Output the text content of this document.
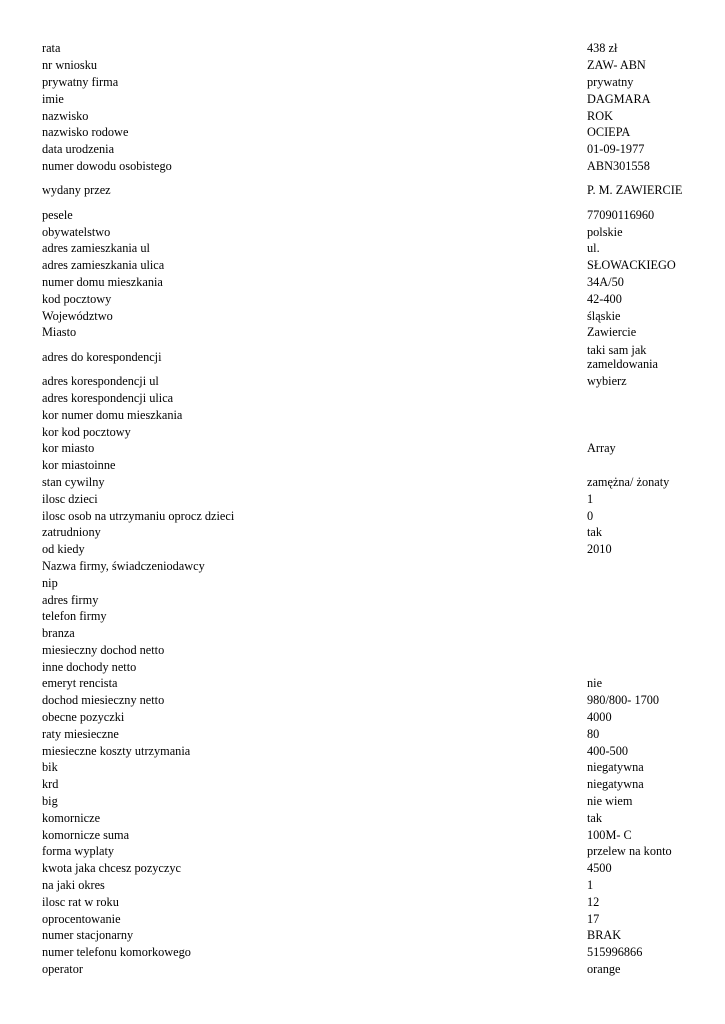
rata	438 zł
nr wniosku	ZAW- ABN
prywatny firma	prywatny
imie	DAGMARA
nazwisko	ROK
nazwisko rodowe	OCIEPA
data urodzenia	01-09-1977
numer dowodu osobistego	ABN301558
wydany przez	P. M. ZAWIERCIE
pesele	77090116960
obywatelstwo	polskie
adres zamieszkania ul	ul.
adres zamieszkania ulica	SŁOWACKIEGO
numer domu mieszkania	34A/50
kod pocztowy	42-400
Województwo	śląskie
Miasto	Zawiercie
adres do korespondencji	taki sam jak zameldowania
adres korespondencji ul	wybierz
adres korespondencji ulica
kor numer domu mieszkania
kor kod pocztowy
kor miasto	Array
kor miastoinne
stan cywilny	zamężna/ żonaty
ilosc dzieci	1
ilosc osob na utrzymaniu oprocz dzieci	0
zatrudniony	tak
od kiedy	2010
Nazwa firmy, świadczeniodawcy
nip
adres firmy
telefon firmy
branza
miesieczny dochod netto
inne dochody netto
emeryt rencista	nie
dochod miesieczny netto	980/800- 1700
obecne pozyczki	4000
raty miesieczne	80
miesieczne koszty utrzymania	400-500
bik	niegatywna
krd	niegatywna
big	nie wiem
komornicze	tak
komornicze suma	100M- C
forma wyplaty	przelew na konto
kwota jaka chcesz pozyczyc	4500
na jaki okres	1
ilosc rat w roku	12
oprocentowanie	17
numer stacjonarny	BRAK
numer telefonu komorkowego	515996866
operator	orange
